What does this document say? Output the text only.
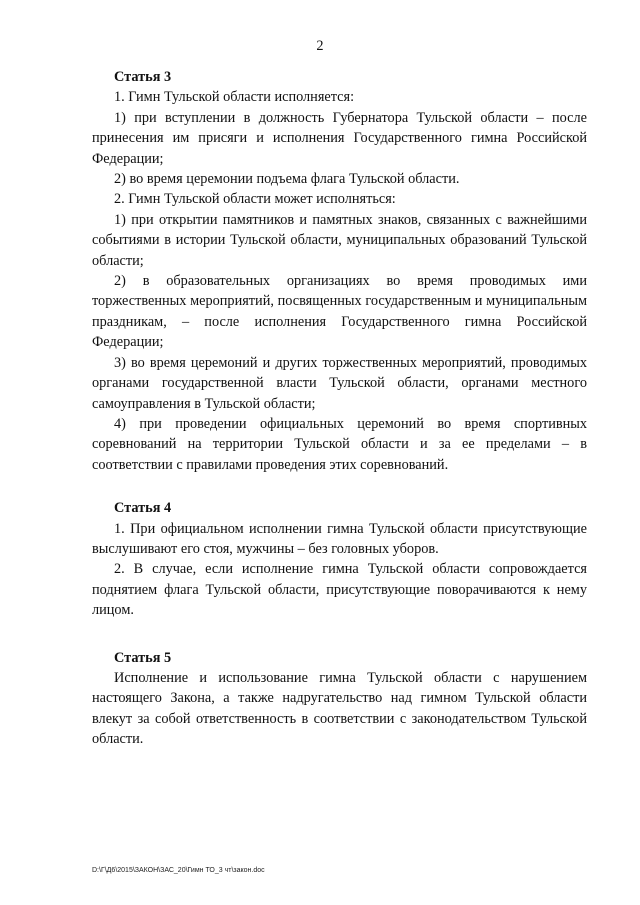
2

Статья 3

1. Гимн Тульской области исполняется:

1) при вступлении в должность Губернатора Тульской области – после принесения им присяги и исполнения Государственного гимна Российской Федерации;

2) во время церемонии подъема флага Тульской области.

2. Гимн Тульской области может исполняться:

1) при открытии памятников и памятных знаков, связанных с важнейшими событиями в истории Тульской области, муниципальных образований Тульской области;

2) в образовательных организациях во время проводимых ими торжественных мероприятий, посвященных государственным и муниципальным праздникам, – после исполнения Государственного гимна Российской Федерации;

3) во время церемоний и других торжественных мероприятий, проводимых органами государственной власти Тульской области, органами местного самоуправления в Тульской области;

4) при проведении официальных церемоний во время спортивных соревнований на территории Тульской области и за ее пределами – в соответствии с правилами проведения этих соревнований.

Статья 4

1. При официальном исполнении гимна Тульской области присутствующие выслушивают его стоя, мужчины – без головных уборов.

2. В случае, если исполнение гимна Тульской области сопровождается поднятием флага Тульской области, присутствующие поворачиваются к нему лицом.

Статья 5

Исполнение и использование гимна Тульской области с нарушением настоящего Закона, а также надругательство над гимном Тульской области влекут за собой ответственность в соответствии с законодательством Тульской области.

D:\Г\Д6\2015\ЗАКОН\ЗАС_20\Гимн ТО_3 чт\закон.doc
